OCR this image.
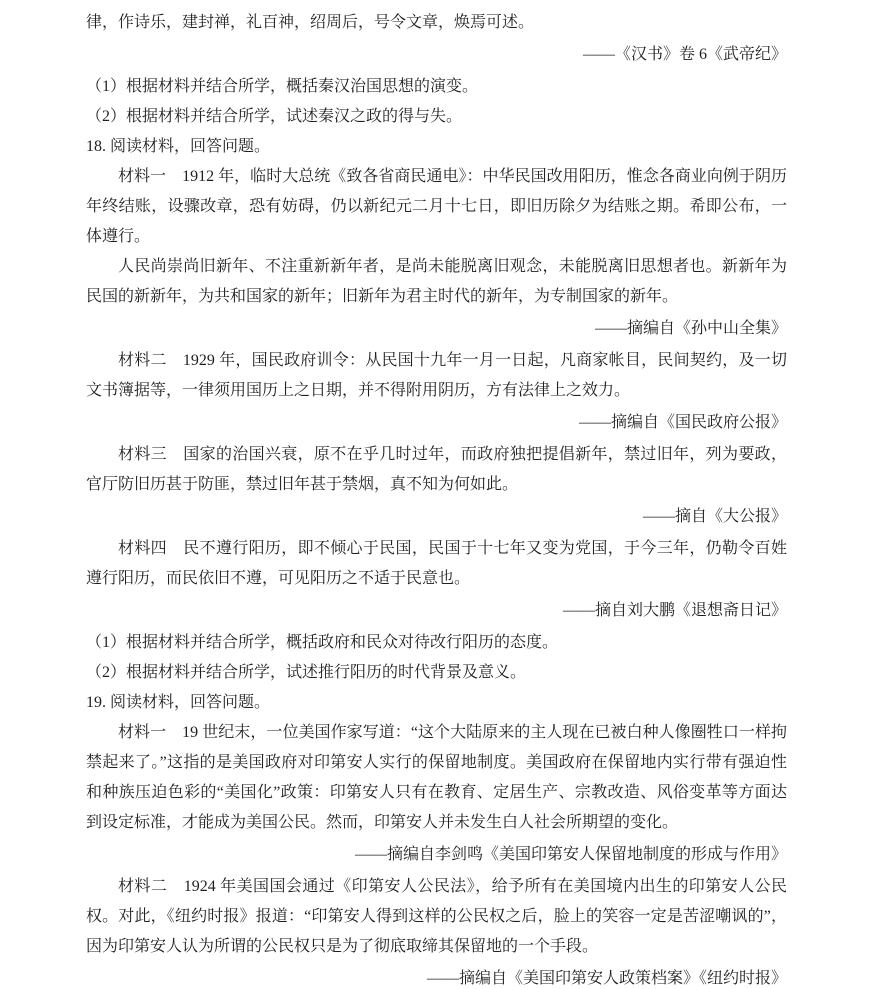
律，作诗乐，建封禅，礼百神，绍周后，号令文章，焕焉可述。
——《汉书》卷 6《武帝纪》
（1）根据材料并结合所学，概括秦汉治国思想的演变。
（2）根据材料并结合所学，试述秦汉之政的得与失。
18. 阅读材料，回答问题。
材料一　1912 年，临时大总统《致各省商民通电》：中华民国改用阳历，惟念各商业向例于阴历年终结账，设骤改章，恐有妨碍，仍以新纪元二月十七日，即旧历除夕为结账之期。希即公布，一体遵行。
人民尚崇尚旧新年、不注重新新年者，是尚未能脱离旧观念，未能脱离旧思想者也。新新年为民国的新新年，为共和国家的新年；旧新年为君主时代的新年，为专制国家的新年。
——摘编自《孙中山全集》
材料二　1929 年，国民政府训令：从民国十九年一月一日起，凡商家帐目，民间契约，及一切文书簿据等，一律须用国历上之日期，并不得附用阴历，方有法律上之效力。
——摘编自《国民政府公报》
材料三　国家的治国兴衰，原不在乎几时过年，而政府独把提倡新年，禁过旧年，列为要政，官厅防旧历甚于防匪，禁过旧年甚于禁烟，真不知为何如此。
——摘自《大公报》
材料四　民不遵行阳历，即不倾心于民国，民国于十七年又变为党国，于今三年，仍勒令百姓遵行阳历，而民依旧不遵，可见阳历之不适于民意也。
——摘自刘大鹏《退想斋日记》
（1）根据材料并结合所学，概括政府和民众对待改行阳历的态度。
（2）根据材料并结合所学，试述推行阳历的时代背景及意义。
19. 阅读材料，回答问题。
材料一　19 世纪末，一位美国作家写道：“这个大陆原来的主人现在已被白种人像圈牲口一样拘禁起来了。”这指的是美国政府对印第安人实行的保留地制度。美国政府在保留地内实行带有强迫性和种族压迫色彩的“美国化”政策：印第安人只有在教育、定居生产、宗教改造、风俗变革等方面达到设定标准，才能成为美国公民。然而，印第安人并未发生白人社会所期望的变化。
——摘编自李剑鸣《美国印第安人保留地制度的形成与作用》
材料二　1924 年美国国会通过《印第安人公民法》，给予所有在美国境内出生的印第安人公民权。对此，《纽约时报》报道：“印第安人得到这样的公民权之后，脸上的笑容一定是苦涩嘲讽的”，因为印第安人认为所谓的公民权只是为了彻底取缔其保留地的一个手段。
——摘编自《美国印第安人政策档案》《纽约时报》
